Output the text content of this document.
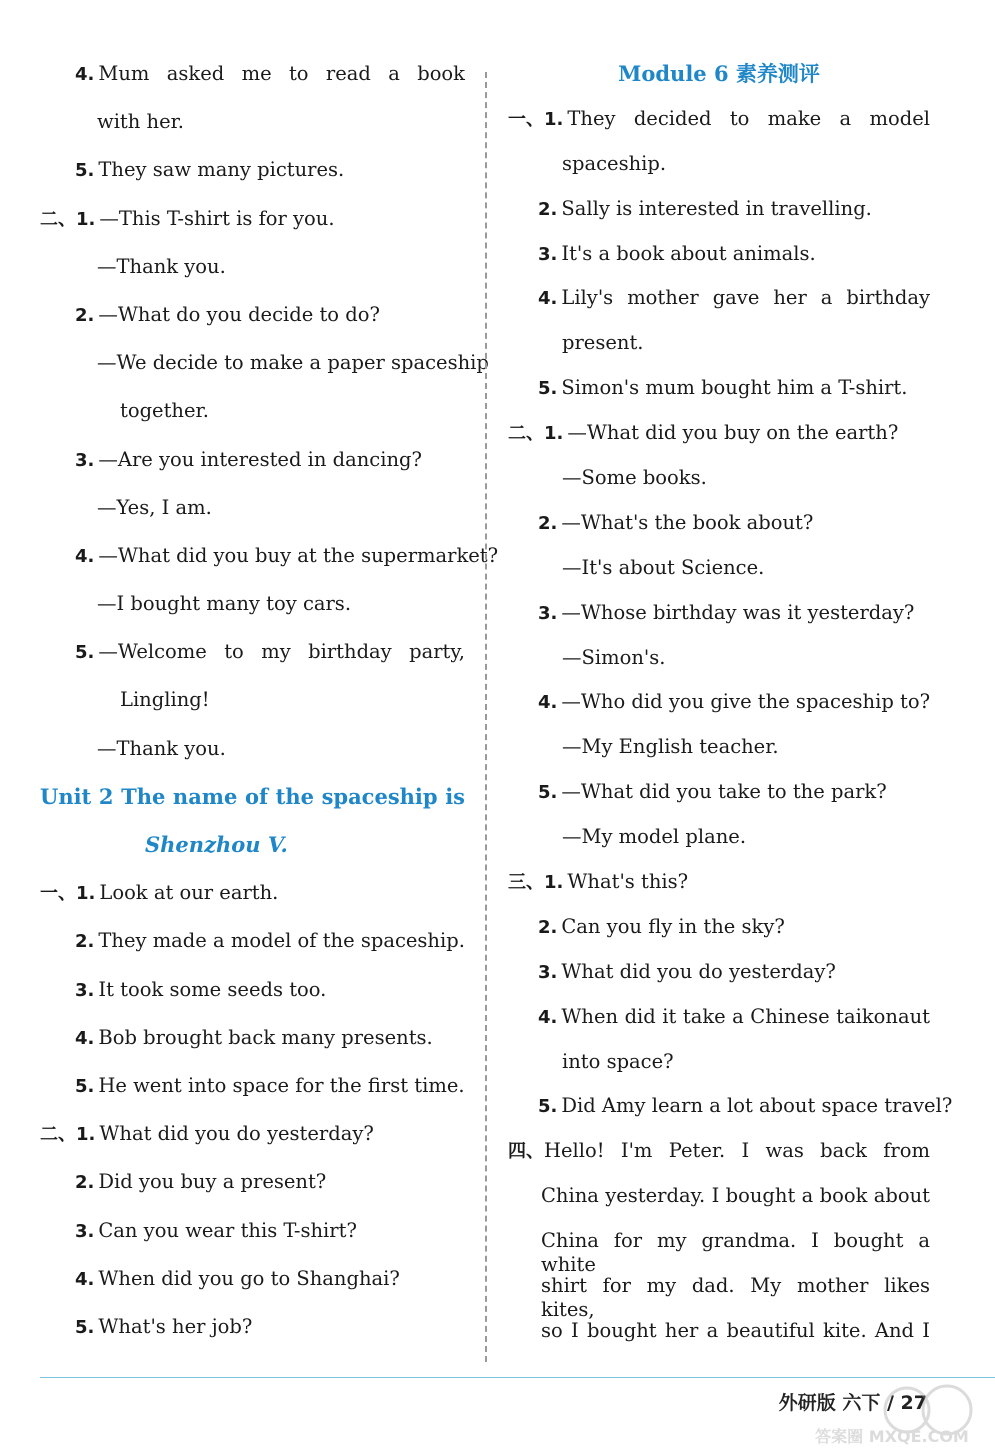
4. Mum asked me to read a book
with her.
5. They saw many pictures.
二、 1. —This T-shirt is for you.
—Thank you.
2. —What do you decide to do?
—We decide to make a paper spaceship
together.
3. —Are you interested in dancing?
—Yes, I am.
4. —What did you buy at the supermarket?
—I bought many toy cars.
5. —Welcome to my birthday party,
Lingling!
—Thank you.
Unit 2 The name of the spaceship is
Shenzhou V.
一、 1. Look at our earth.
2. They made a model of the spaceship.
3. It took some seeds too.
4. Bob brought back many presents.
5. He went into space for the first time.
二、 1. What did you do yesterday?
2. Did you buy a present?
3. Can you wear this T-shirt?
4. When did you go to Shanghai?
5. What's her job?
Module 6 素养测评
一、 1. They decided to make a model
spaceship.
2. Sally is interested in travelling.
3. It's a book about animals.
4. Lily's mother gave her a birthday
present.
5. Simon's mum bought him a T-shirt.
二、 1. —What did you buy on the earth?
—Some books.
2. —What's the book about?
—It's about Science.
3. —Whose birthday was it yesterday?
—Simon's.
4. —Who did you give the spaceship to?
—My English teacher.
5. —What did you take to the park?
—My model plane.
三、 1. What's this?
2. Can you fly in the sky?
3. What did you do yesterday?
4. When did it take a Chinese taikonaut
into space?
5. Did Amy learn a lot about space travel?
四、 Hello! I'm Peter. I was back from
China yesterday. I bought a book about
China for my grandma. I bought a white
shirt for my dad. My mother likes kites,
so I bought her a beautiful kite. And I
外研版 六下 / 27
答案圈 MXQE.COM
